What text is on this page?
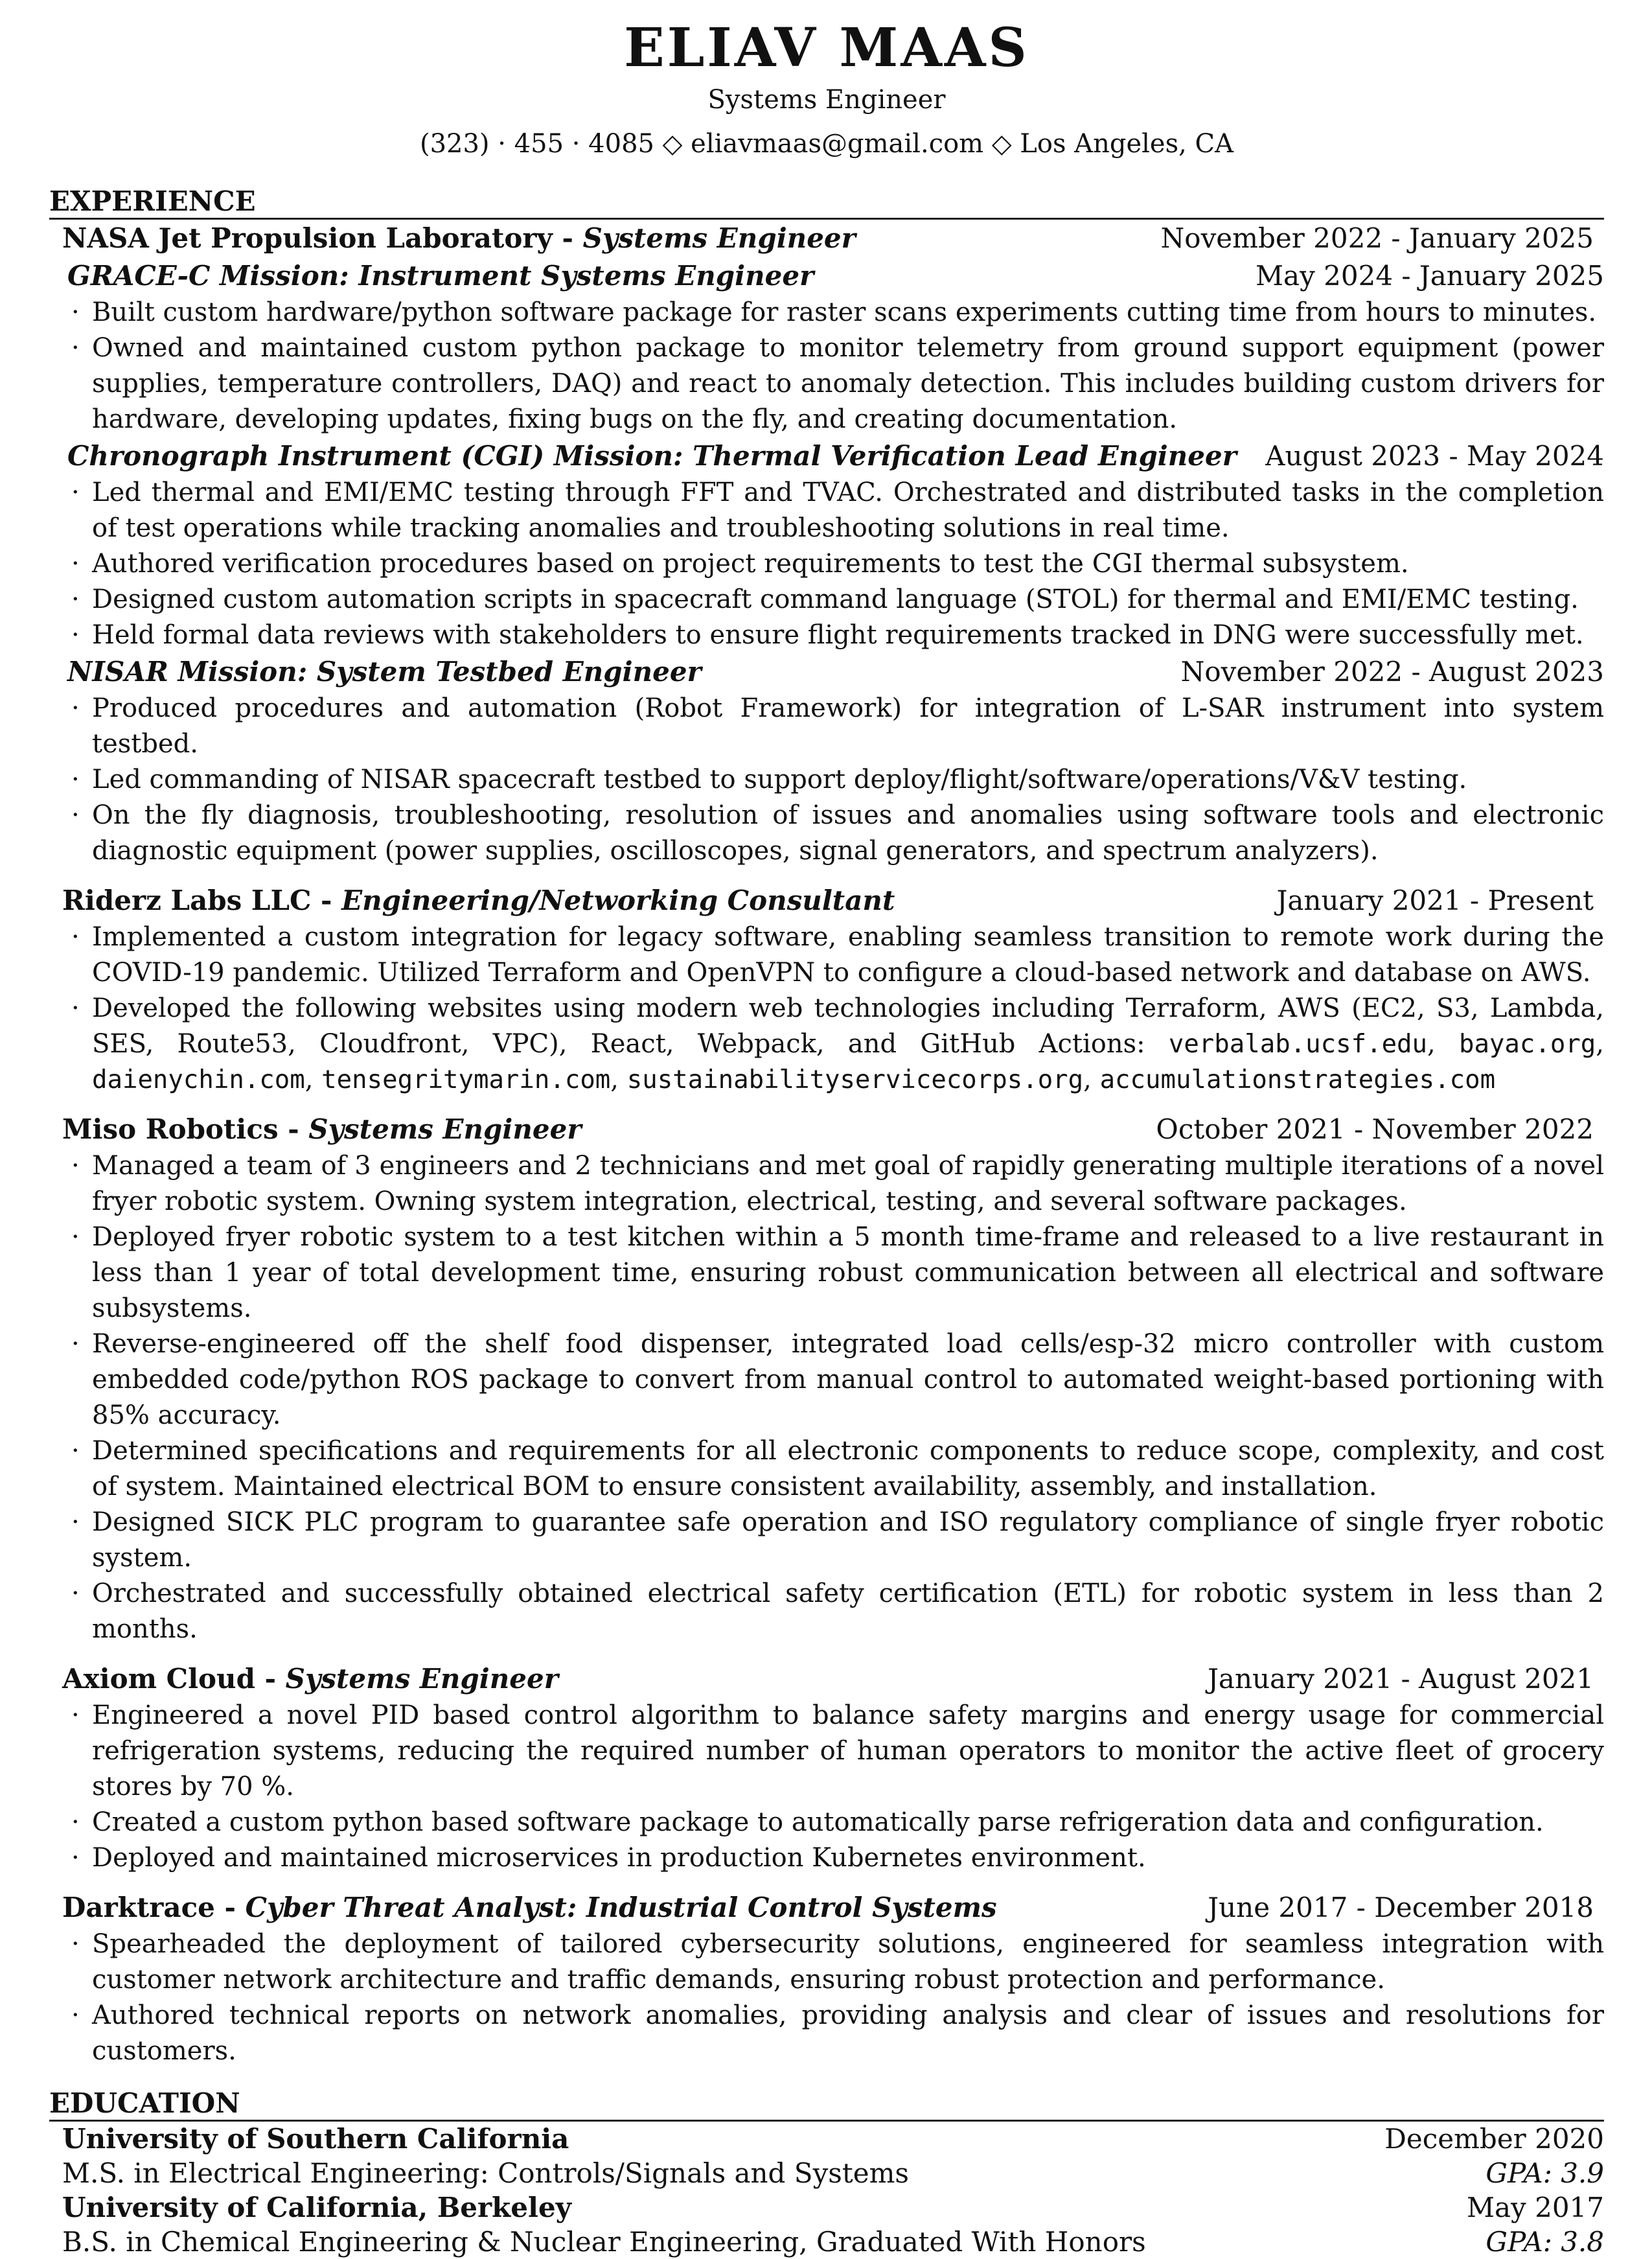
ELIAV MAAS
Systems Engineer
(323) · 455 · 4085 ◇ eliavmaas@gmail.com ◇ Los Angeles, CA
EXPERIENCE
NASA Jet Propulsion Laboratory - Systems Engineer	November 2022 - January 2025
GRACE-C Mission: Instrument Systems Engineer	May 2024 - January 2025
· Built custom hardware/python software package for raster scans experiments cutting time from hours to minutes.
· Owned and maintained custom python package to monitor telemetry from ground support equipment (power supplies, temperature controllers, DAQ) and react to anomaly detection. This includes building custom drivers for hardware, developing updates, fixing bugs on the fly, and creating documentation.
Chronograph Instrument (CGI) Mission: Thermal Verification Lead Engineer August 2023 - May 2024
· Led thermal and EMI/EMC testing through FFT and TVAC. Orchestrated and distributed tasks in the completion of test operations while tracking anomalies and troubleshooting solutions in real time.
· Authored verification procedures based on project requirements to test the CGI thermal subsystem.
· Designed custom automation scripts in spacecraft command language (STOL) for thermal and EMI/EMC testing.
· Held formal data reviews with stakeholders to ensure flight requirements tracked in DNG were successfully met.
NISAR Mission: System Testbed Engineer	November 2022 - August 2023
· Produced procedures and automation (Robot Framework) for integration of L-SAR instrument into system testbed.
· Led commanding of NISAR spacecraft testbed to support deploy/flight/software/operations/V&V testing.
· On the fly diagnosis, troubleshooting, resolution of issues and anomalies using software tools and electronic diagnostic equipment (power supplies, oscilloscopes, signal generators, and spectrum analyzers).
Riderz Labs LLC - Engineering/Networking Consultant	January 2021 - Present
· Implemented a custom integration for legacy software, enabling seamless transition to remote work during the COVID-19 pandemic. Utilized Terraform and OpenVPN to configure a cloud-based network and database on AWS.
· Developed the following websites using modern web technologies including Terraform, AWS (EC2, S3, Lambda, SES, Route53, Cloudfront, VPC), React, Webpack, and GitHub Actions: verbalab.ucsf.edu, bayac.org, daienychin.com, tensegritymarin.com, sustainabilityservicecorps.org, accumulationstrategies.com
Miso Robotics - Systems Engineer	October 2021 - November 2022
· Managed a team of 3 engineers and 2 technicians and met goal of rapidly generating multiple iterations of a novel fryer robotic system. Owning system integration, electrical, testing, and several software packages.
· Deployed fryer robotic system to a test kitchen within a 5 month time-frame and released to a live restaurant in less than 1 year of total development time, ensuring robust communication between all electrical and software subsystems.
· Reverse-engineered off the shelf food dispenser, integrated load cells/esp-32 micro controller with custom embedded code/python ROS package to convert from manual control to automated weight-based portioning with 85% accuracy.
· Determined specifications and requirements for all electronic components to reduce scope, complexity, and cost of system. Maintained electrical BOM to ensure consistent availability, assembly, and installation.
· Designed SICK PLC program to guarantee safe operation and ISO regulatory compliance of single fryer robotic system.
· Orchestrated and successfully obtained electrical safety certification (ETL) for robotic system in less than 2 months.
Axiom Cloud - Systems Engineer	January 2021 - August 2021
· Engineered a novel PID based control algorithm to balance safety margins and energy usage for commercial refrigeration systems, reducing the required number of human operators to monitor the active fleet of grocery stores by 70 %.
· Created a custom python based software package to automatically parse refrigeration data and configuration.
· Deployed and maintained microservices in production Kubernetes environment.
Darktrace - Cyber Threat Analyst: Industrial Control Systems	June 2017 - December 2018
· Spearheaded the deployment of tailored cybersecurity solutions, engineered for seamless integration with customer network architecture and traffic demands, ensuring robust protection and performance.
· Authored technical reports on network anomalies, providing analysis and clear of issues and resolutions for customers.
EDUCATION
University of Southern California	December 2020
M.S. in Electrical Engineering: Controls/Signals and Systems	GPA: 3.9
University of California, Berkeley	May 2017
B.S. in Chemical Engineering & Nuclear Engineering, Graduated With Honors	GPA: 3.8
